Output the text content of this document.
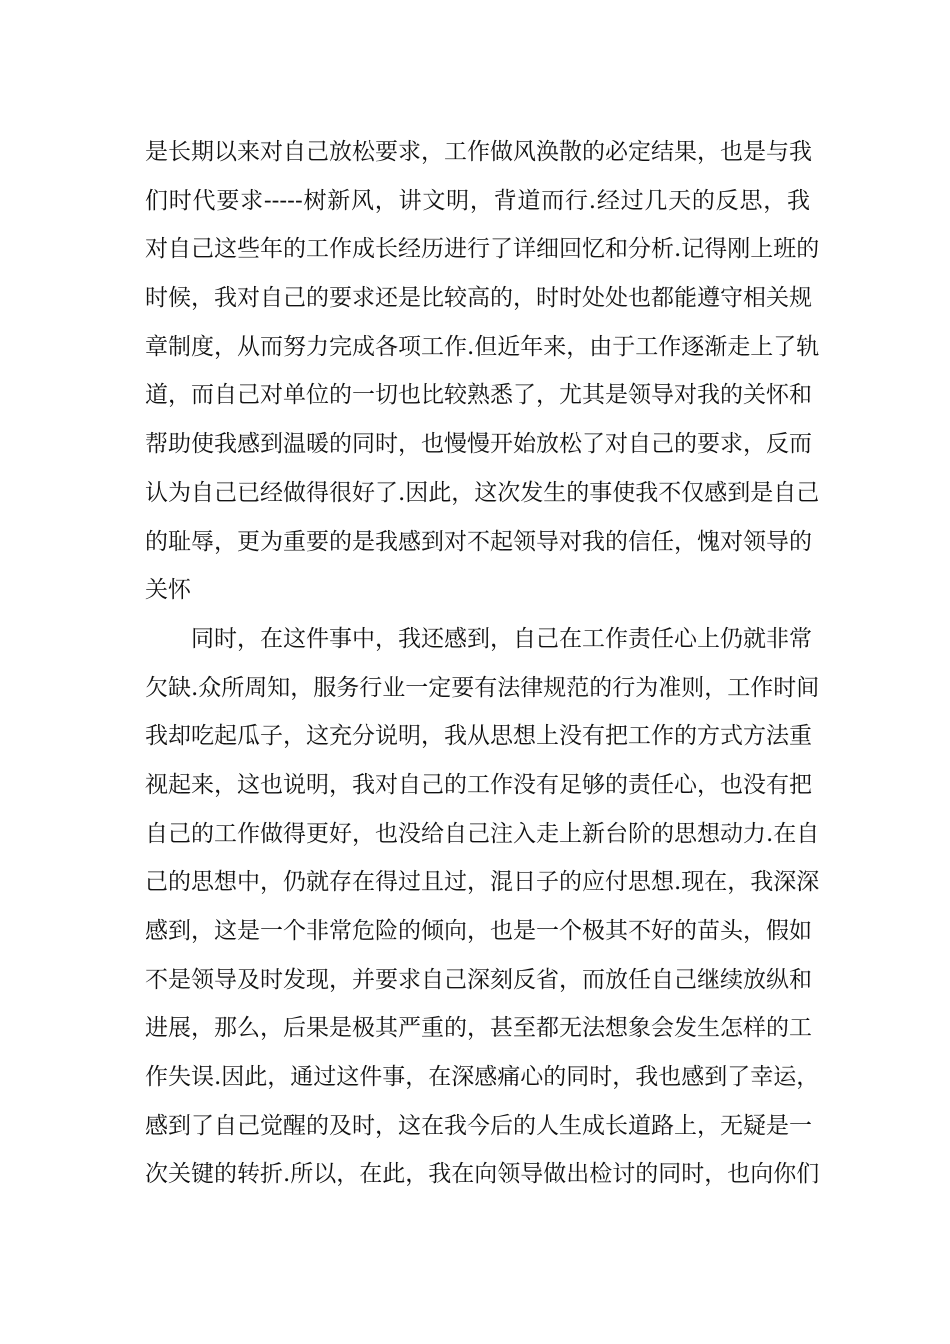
是长期以来对自己放松要求，工作做风涣散的必定结果，也是与我
们时代要求-----树新风，讲文明，背道而行.经过几天的反思，我
对自己这些年的工作成长经历进行了详细回忆和分析.记得刚上班的
时候，我对自己的要求还是比较高的，时时处处也都能遵守相关规
章制度，从而努力完成各项工作.但近年来，由于工作逐渐走上了轨
道，而自己对单位的一切也比较熟悉了，尤其是领导对我的关怀和
帮助使我感到温暖的同时，也慢慢开始放松了对自己的要求，反而
认为自己已经做得很好了.因此，这次发生的事使我不仅感到是自己
的耻辱，更为重要的是我感到对不起领导对我的信任，愧对领导的
关怀
同时，在这件事中，我还感到，自己在工作责任心上仍就非常
欠缺.众所周知，服务行业一定要有法律规范的行为准则，工作时间
我却吃起瓜子，这充分说明，我从思想上没有把工作的方式方法重
视起来，这也说明，我对自己的工作没有足够的责任心，也没有把
自己的工作做得更好，也没给自己注入走上新台阶的思想动力.在自
己的思想中，仍就存在得过且过，混日子的应付思想.现在，我深深
感到，这是一个非常危险的倾向，也是一个极其不好的苗头，假如
不是领导及时发现，并要求自己深刻反省，而放任自己继续放纵和
进展，那么，后果是极其严重的，甚至都无法想象会发生怎样的工
作失误.因此，通过这件事，在深感痛心的同时，我也感到了幸运，
感到了自己觉醒的及时，这在我今后的人生成长道路上，无疑是一
次关键的转折.所以，在此，我在向领导做出检讨的同时，也向你们
